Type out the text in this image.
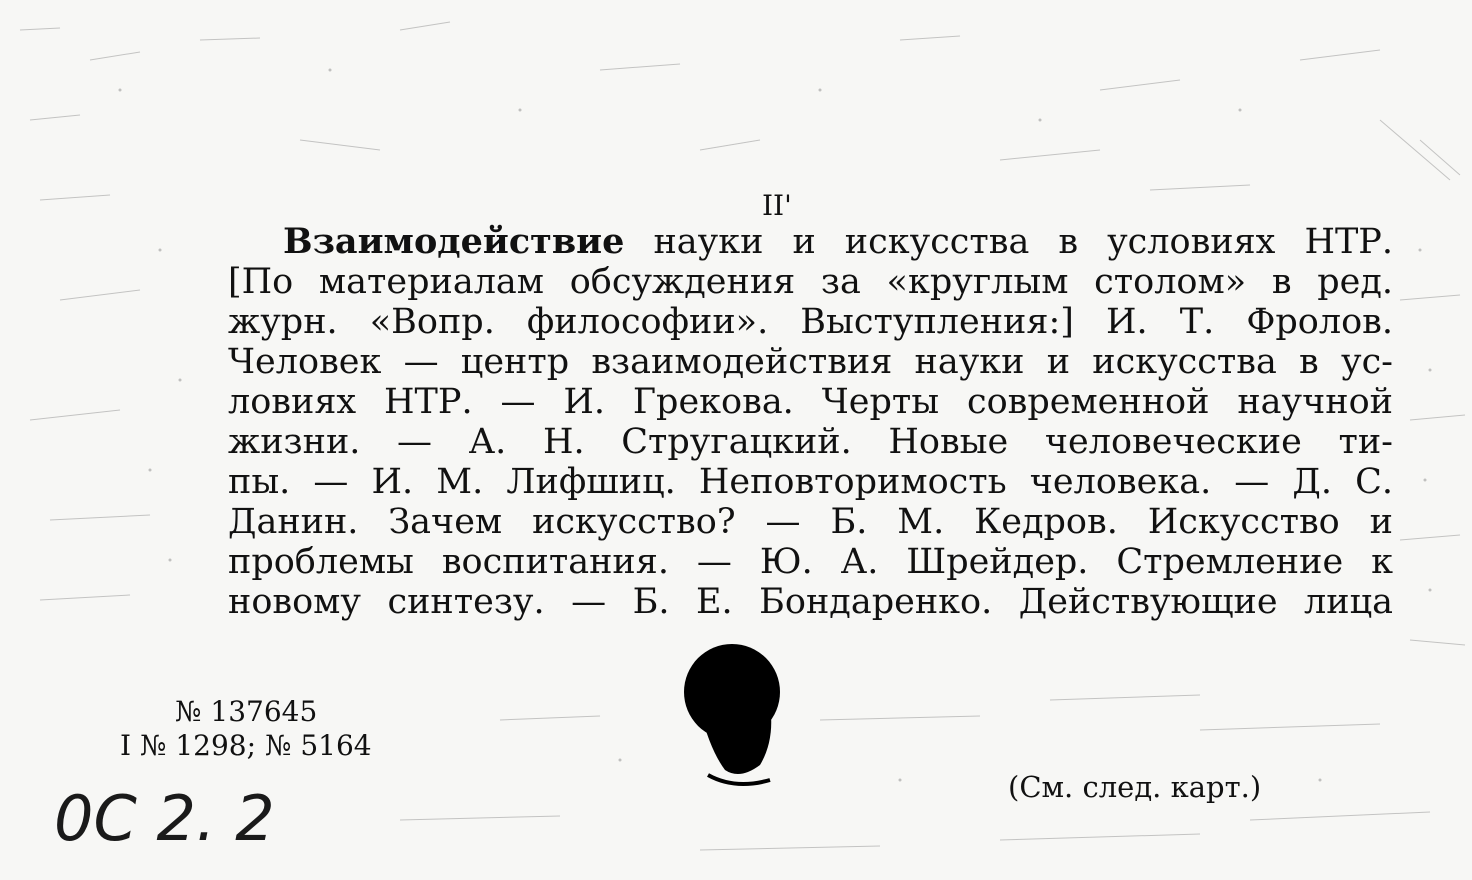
II'
Взаимодействие науки и искусства в условиях НТР.
[По материалам обсуждения за «круглым столом» в ред.
журн. «Вопр. философии». Выступления:] И. Т. Фролов.
Человек — центр взаимодействия науки и искусства в ус-
ловиях НТР. — И. Грекова. Черты современной научной
жизни. — А. Н. Стругацкий. Новые человеческие ти-
пы. — И. М. Лифшиц. Неповторимость человека. — Д. С.
Данин. Зачем искусство? — Б. М. Кедров. Искусство и
проблемы воспитания. — Ю. А. Шрейдер. Стремление к
новому синтезу. — Б. Е. Бондаренко. Действующие лица
№ 137645
I № 1298; № 5164
(См. след. карт.)
0С 2. 2
